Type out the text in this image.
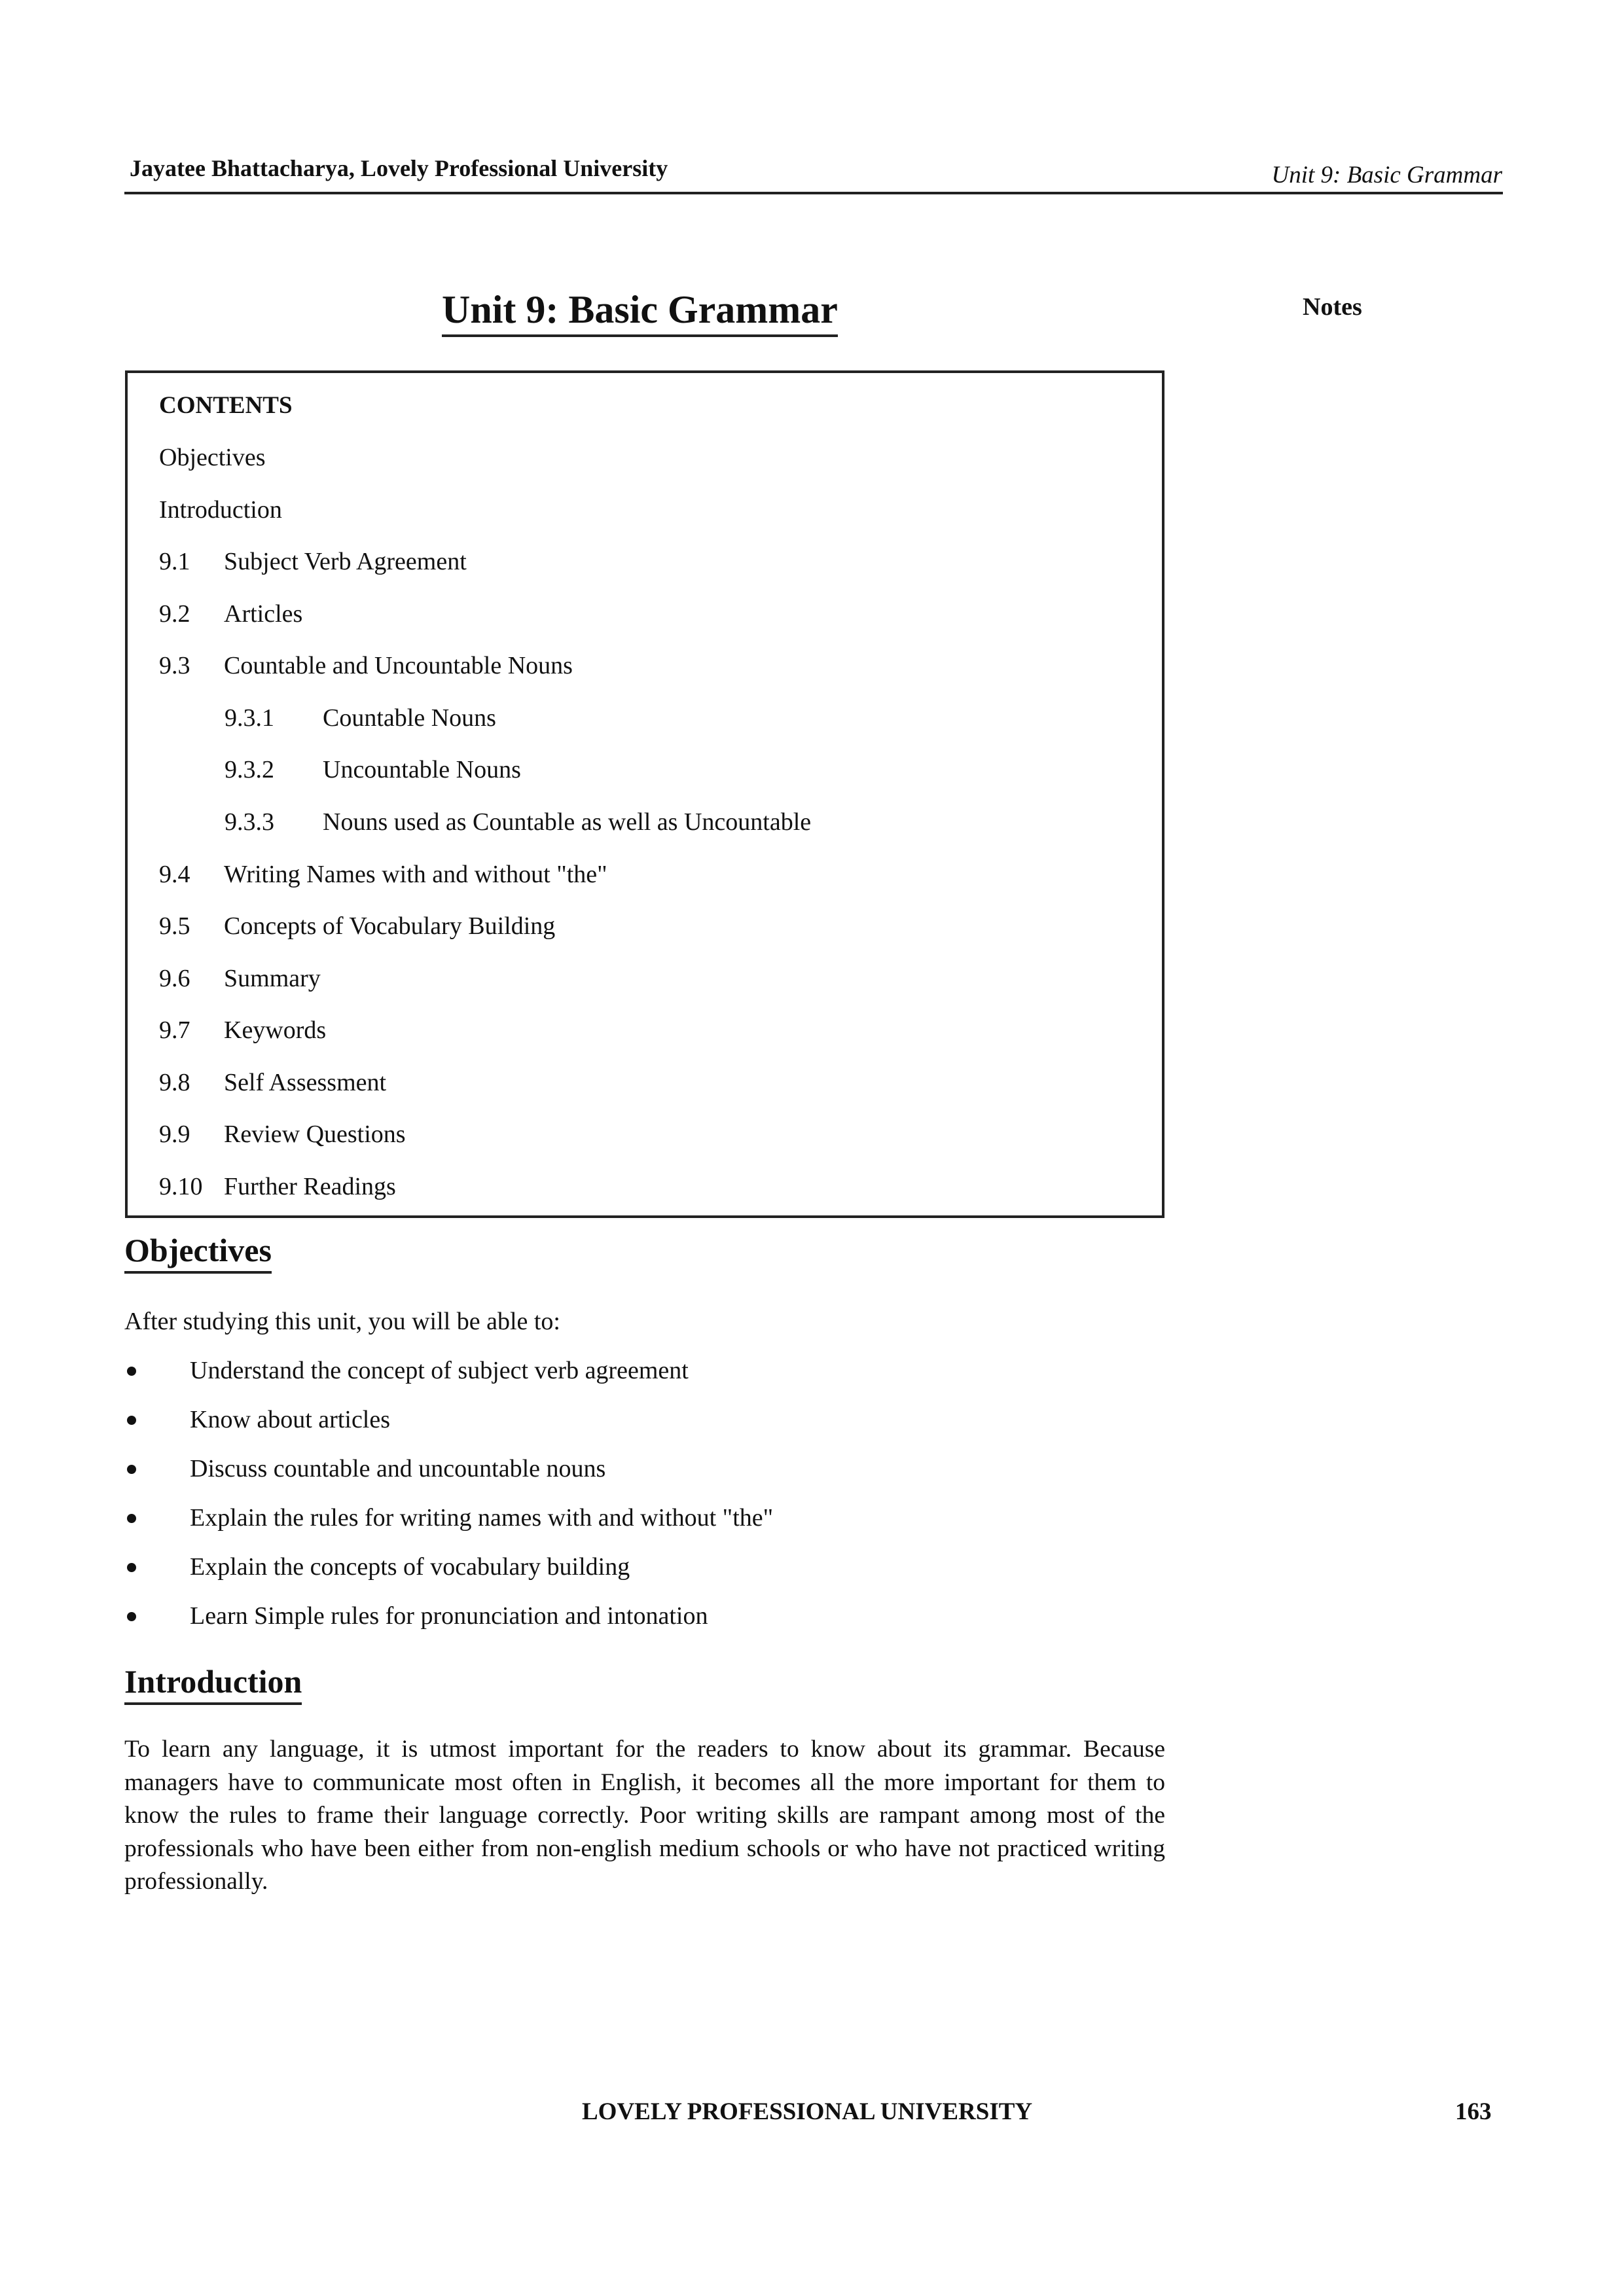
Jayatee Bhattacharya, Lovely Professional University	Unit 9: Basic Grammar
Unit 9: Basic Grammar	Notes
CONTENTS
Objectives
Introduction
9.1 Subject Verb Agreement
9.2 Articles
9.3 Countable and Uncountable Nouns
9.3.1 Countable Nouns
9.3.2 Uncountable Nouns
9.3.3 Nouns used as Countable as well as Uncountable
9.4 Writing Names with and without "the"
9.5 Concepts of Vocabulary Building
9.6 Summary
9.7 Keywords
9.8 Self Assessment
9.9 Review Questions
9.10 Further Readings
Objectives
After studying this unit, you will be able to:
Understand the concept of subject verb agreement
Know about articles
Discuss countable and uncountable nouns
Explain the rules for writing names with and without "the"
Explain the concepts of vocabulary building
Learn Simple rules for pronunciation and intonation
Introduction
To learn any language, it is utmost important for the readers to know about its grammar. Because managers have to communicate most often in English, it becomes all the more important for them to know the rules to frame their language correctly. Poor writing skills are rampant among most of the professionals who have been either from non-english medium schools or who have not practiced writing professionally.
LOVELY PROFESSIONAL UNIVERSITY	163
